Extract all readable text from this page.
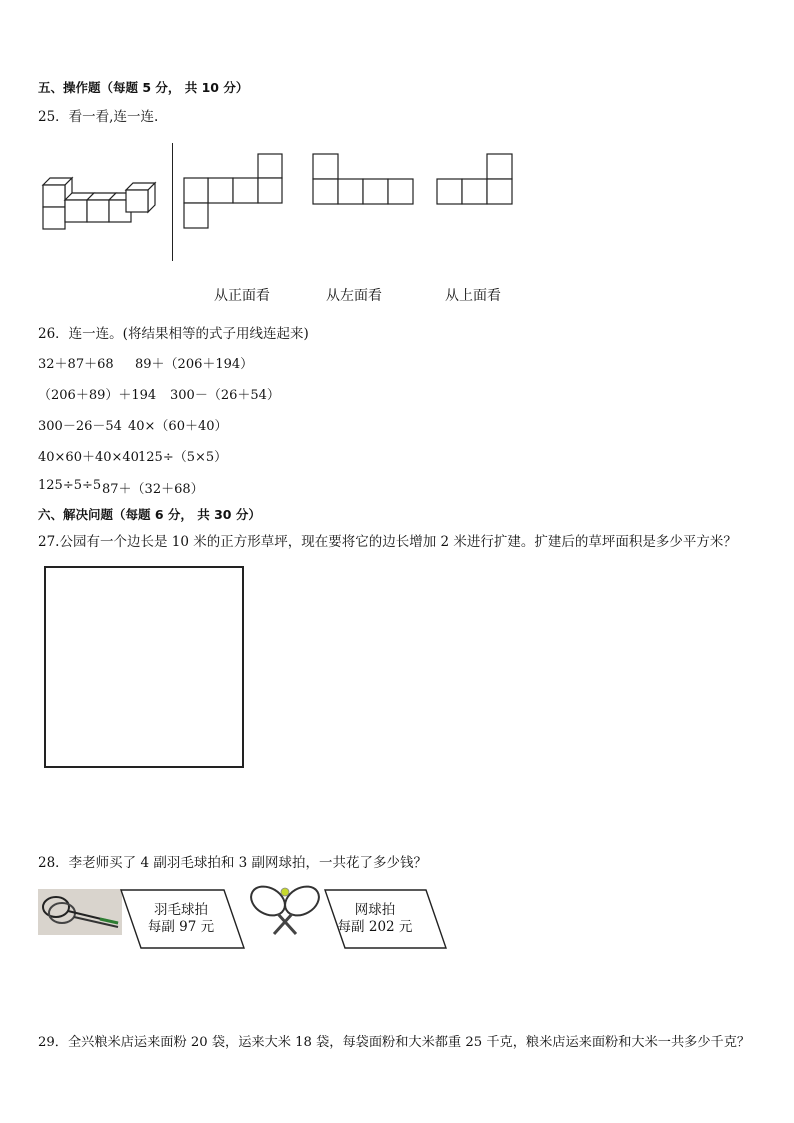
五、操作题（每题 5 分， 共 10 分）
25．看一看,连一连.
从正面看	从左面看	从上面看
26．连一连。(将结果相等的式子用线连起来)
32＋87＋68 89＋（206＋194）
（206＋89）＋194 300－（26＋54）
300－26－54 40×（60＋40）
40×60＋40×40 125÷（5×5）
125÷5÷5 87＋（32＋68）
六、解决问题（每题 6 分， 共 30 分）
27.公园有一个边长是 10 米的正方形草坪，现在要将它的边长增加 2 米进行扩建。扩建后的草坪面积是多少平方米？
28．李老师买了 4 副羽毛球拍和 3 副网球拍，一共花了多少钱？
羽毛球拍
每副 97 元
网球拍
每副 202 元
29．全兴粮米店运来面粉 20 袋，运来大米 18 袋，每袋面粉和大米都重 25 千克，粮米店运来面粉和大米一共多少千克？
